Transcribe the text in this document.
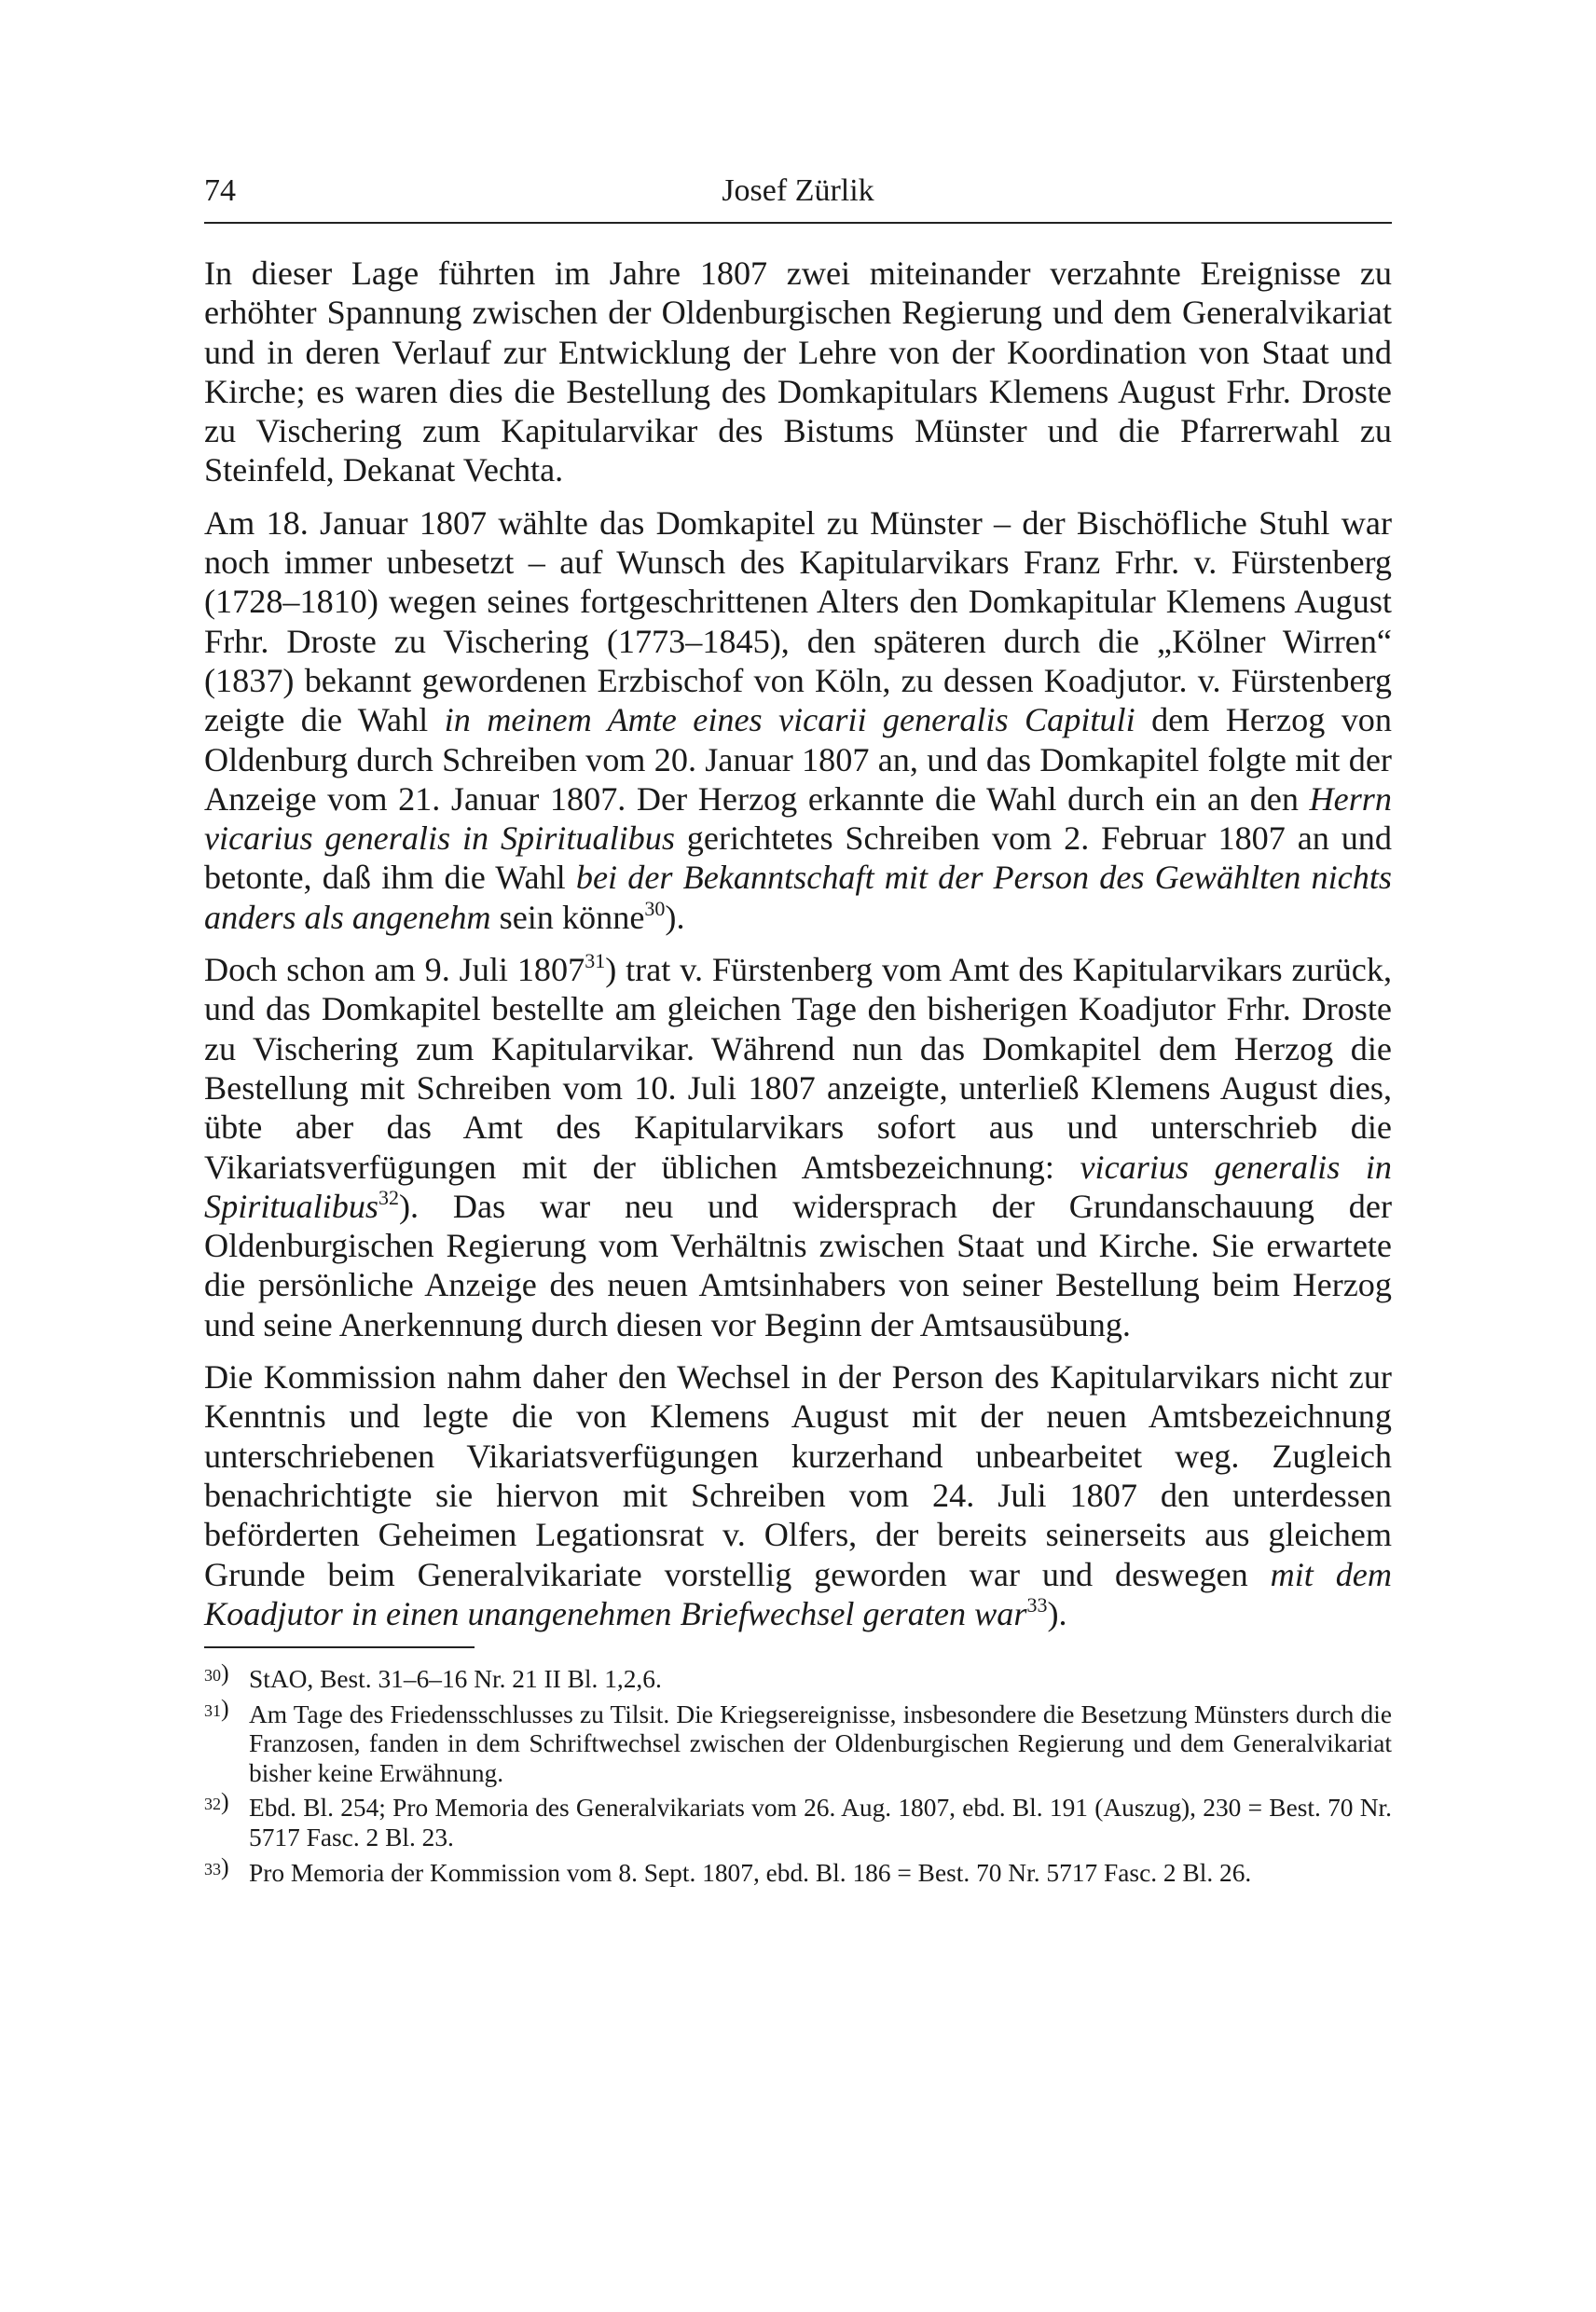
74	Josef Zürlik

In dieser Lage führten im Jahre 1807 zwei miteinander verzahnte Ereignisse zu erhöhter Spannung zwischen der Oldenburgischen Regierung und dem Generalvikariat und in deren Verlauf zur Entwicklung der Lehre von der Koordination von Staat und Kirche; es waren dies die Bestellung des Domkapitulars Klemens August Frhr. Droste zu Vischering zum Kapitularvikar des Bistums Münster und die Pfarrerwahl zu Steinfeld, Dekanat Vechta.

Am 18. Januar 1807 wählte das Domkapitel zu Münster – der Bischöfliche Stuhl war noch immer unbesetzt – auf Wunsch des Kapitularvikars Franz Frhr. v. Fürstenberg (1728–1810) wegen seines fortgeschrittenen Alters den Domkapitular Klemens August Frhr. Droste zu Vischering (1773–1845), den späteren durch die „Kölner Wirren“ (1837) bekannt gewordenen Erzbischof von Köln, zu dessen Koadjutor. v. Fürstenberg zeigte die Wahl in meinem Amte eines vicarii generalis Capituli dem Herzog von Oldenburg durch Schreiben vom 20. Januar 1807 an, und das Domkapitel folgte mit der Anzeige vom 21. Januar 1807. Der Herzog erkannte die Wahl durch ein an den Herrn vicarius generalis in Spiritualibus gerichtetes Schreiben vom 2. Februar 1807 an und betonte, daß ihm die Wahl bei der Bekanntschaft mit der Person des Gewählten nichts anders als angenehm sein könne$^{30}$).

Doch schon am 9. Juli 1807$^{31}$) trat v. Fürstenberg vom Amt des Kapitularvikars zurück, und das Domkapitel bestellte am gleichen Tage den bisherigen Koadjutor Frhr. Droste zu Vischering zum Kapitularvikar. Während nun das Domkapitel dem Herzog die Bestellung mit Schreiben vom 10. Juli 1807 anzeigte, unterließ Klemens August dies, übte aber das Amt des Kapitularvikars sofort aus und unterschrieb die Vikariatsverfügungen mit der üblichen Amtsbezeichnung: vicarius generalis in Spiritualibus$^{32}$). Das war neu und widersprach der Grundanschauung der Oldenburgischen Regierung vom Verhältnis zwischen Staat und Kirche. Sie erwartete die persönliche Anzeige des neuen Amtsinhabers von seiner Bestellung beim Herzog und seine Anerkennung durch diesen vor Beginn der Amtsausübung.

Die Kommission nahm daher den Wechsel in der Person des Kapitularvikars nicht zur Kenntnis und legte die von Klemens August mit der neuen Amtsbezeichnung unterschriebenen Vikariatsverfügungen kurzerhand unbearbeitet weg. Zugleich benachrichtigte sie hiervon mit Schreiben vom 24. Juli 1807 den unterdessen beförderten Geheimen Legationsrat v. Olfers, der bereits seinerseits aus gleichem Grunde beim Generalvikariate vorstellig geworden war und deswegen mit dem Koadjutor in einen unangenehmen Briefwechsel geraten war$^{33}$).

30) StAO, Best. 31–6–16 Nr. 21 II Bl. 1,2,6.
31) Am Tage des Friedensschlusses zu Tilsit. Die Kriegsereignisse, insbesondere die Besetzung Münsters durch die Franzosen, fanden in dem Schriftwechsel zwischen der Oldenburgischen Regierung und dem Generalvikariat bisher keine Erwähnung.
32) Ebd. Bl. 254; Pro Memoria des Generalvikariats vom 26. Aug. 1807, ebd. Bl. 191 (Auszug), 230 = Best. 70 Nr. 5717 Fasc. 2 Bl. 23.
33) Pro Memoria der Kommission vom 8. Sept. 1807, ebd. Bl. 186 = Best. 70 Nr. 5717 Fasc. 2 Bl. 26.
